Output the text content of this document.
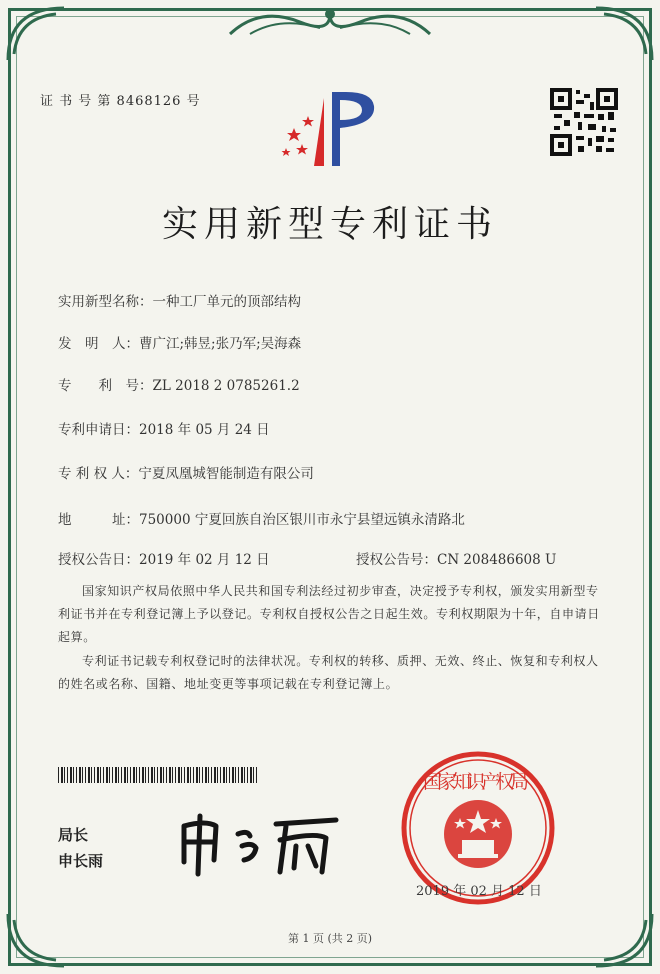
证 书 号 第 8468126 号
实用新型专利证书
实用新型名称：一种工厂单元的顶部结构
发　明　人：曹广江;韩昱;张乃军;吴海森
专　　利　号：ZL 2018 2 0785261.2
专利申请日：2018 年 05 月 24 日
专 利 权 人：宁夏凤凰城智能制造有限公司
地　　　址：750000 宁夏回族自治区银川市永宁县望远镇永清路北
授权公告日：2019 年 02 月 12 日	授权公告号：CN 208486608 U
国家知识产权局依照中华人民共和国专利法经过初步审查，决定授予专利权，颁发实用新型专利证书并在专利登记簿上予以登记。专利权自授权公告之日起生效。专利权期限为十年，自申请日起算。
专利证书记载专利权登记时的法律状况。专利权的转移、质押、无效、终止、恢复和专利权人的姓名或名称、国籍、地址变更等事项记载在专利登记簿上。
局长
申长雨
国家知识产权局
2019 年 02 月 12 日
第 1 页 (共 2 页)
